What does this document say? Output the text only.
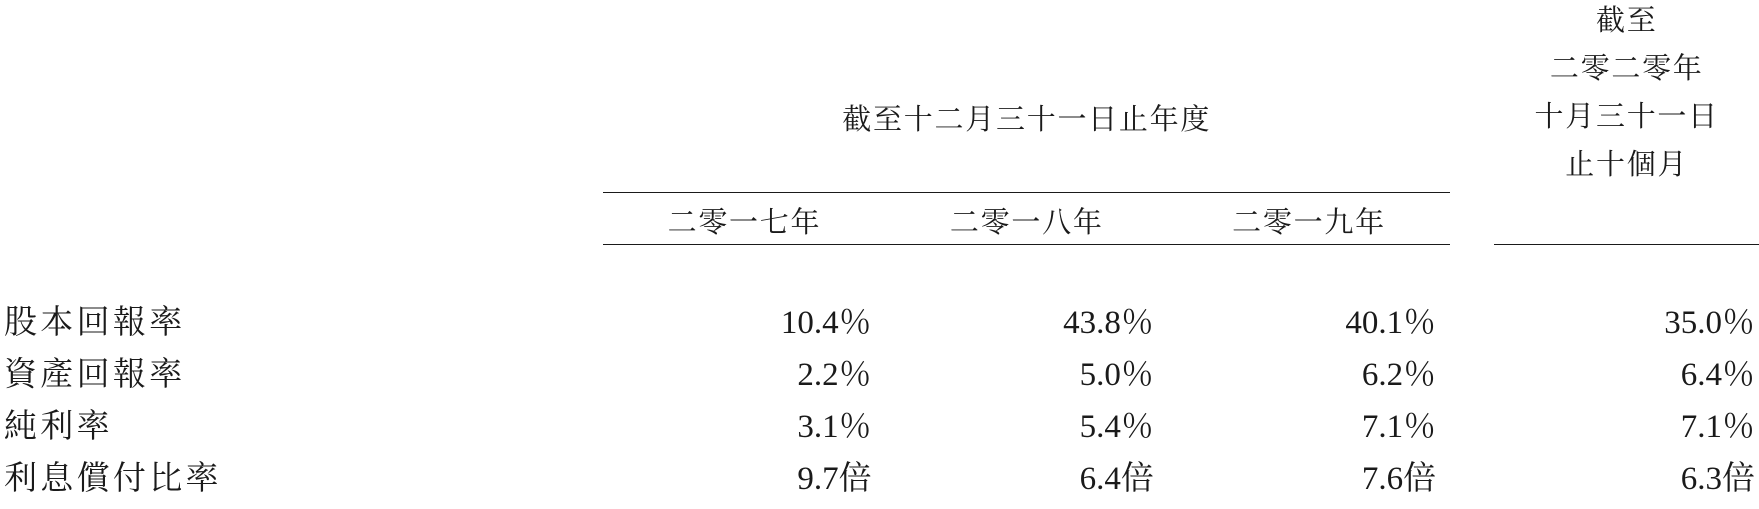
					截至
					二零二零年
	截至十二月三十一日止年度				十月三十一日
					止十個月

	二零一七年	二零一八年	二零一九年		

股本回報率	10.4％	43.8％	40.1％		35.0％
資產回報率	2.2％	5.0％	6.2％		6.4％
純利率	3.1％	5.4％	7.1％		7.1％
利息償付比率	9.7倍	6.4倍	7.6倍		6.3倍
